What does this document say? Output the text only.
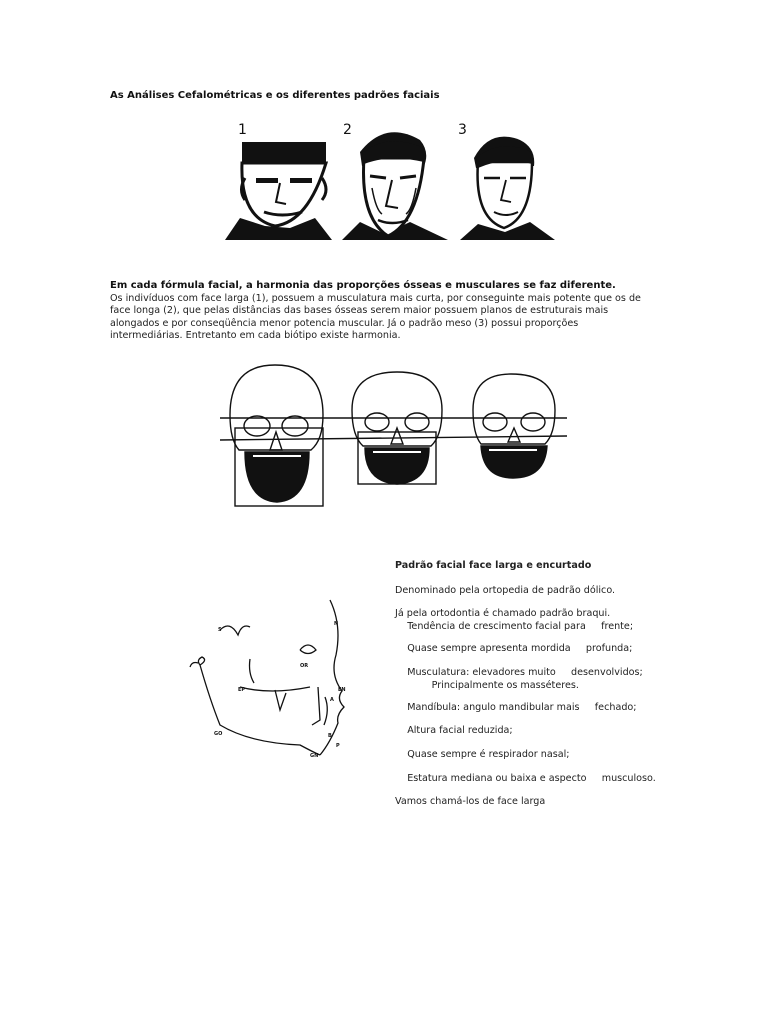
As Análises Cefalométricas e os diferentes padrões faciais
1	2	3
Em cada fórmula facial, a harmonia das proporções ósseas e musculares se faz diferente.
Os indivíduos com face larga (1), possuem a musculatura mais curta, por conseguinte mais potente que os de
face longa (2), que pelas distâncias das bases ósseas serem maior possuem planos de estruturais mais
alongados e por conseqüência menor potencia muscular. Já o padrão meso (3) possui proporções
intermediárias. Entretanto em cada biótipo existe harmonia.
S
N
OR
EN
EP
A
GO	B
P
GN
Padrão facial face larga e encurtado
Denominado pela ortopedia de padrão dólico.
Já pela ortodontia é chamado padrão braqui.
Tendência de crescimento facial para     frente;
Quase sempre apresenta mordida     profunda;
Musculatura: elevadores muito     desenvolvidos;
Principalmente os masséteres.
Mandíbula: angulo mandibular mais     fechado;
Altura facial reduzida;
Quase sempre é respirador nasal;
Estatura mediana ou baixa e aspecto     musculoso.
Vamos chamá-los de face larga
